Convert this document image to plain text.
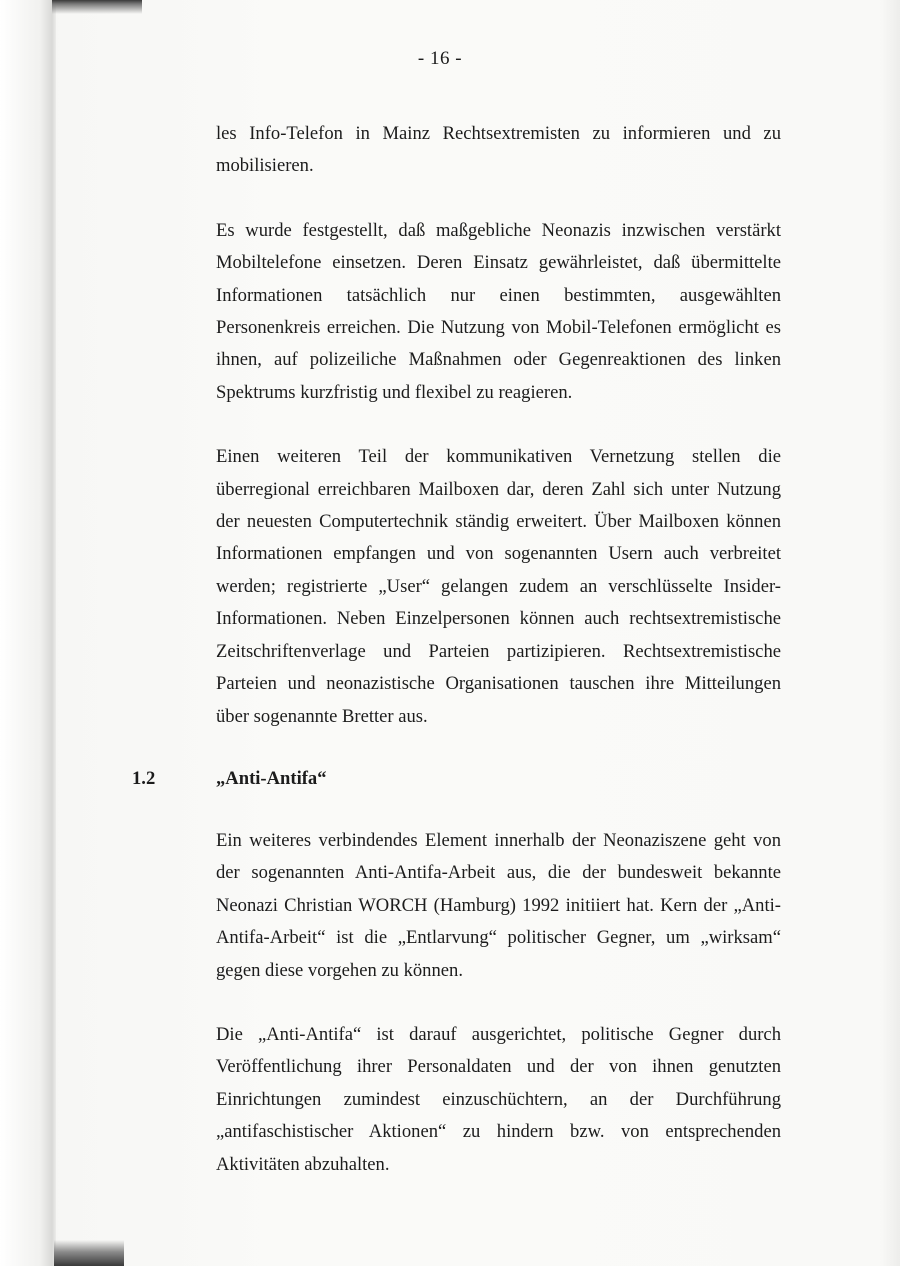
- 16 -

les Info-Telefon in Mainz Rechtsextremisten zu informieren und zu mobilisieren.

Es wurde festgestellt, daß maßgebliche Neonazis inzwischen verstärkt Mobiltelefone einsetzen. Deren Einsatz gewährleistet, daß übermittelte Informationen tatsächlich nur einen bestimmten, ausgewählten Personenkreis erreichen. Die Nutzung von Mobil-Telefonen ermöglicht es ihnen, auf polizeiliche Maßnahmen oder Gegenreaktionen des linken Spektrums kurzfristig und flexibel zu reagieren.

Einen weiteren Teil der kommunikativen Vernetzung stellen die überregional erreichbaren Mailboxen dar, deren Zahl sich unter Nutzung der neuesten Computertechnik ständig erweitert. Über Mailboxen können Informationen empfangen und von sogenannten Usern auch verbreitet werden; registrierte „User“ gelangen zudem an verschlüsselte Insider-Informationen. Neben Einzelpersonen können auch rechtsextremistische Zeitschriftenverlage und Parteien partizipieren. Rechtsextremistische Parteien und neonazistische Organisationen tauschen ihre Mitteilungen über sogenannte Bretter aus.

1.2	„Anti-Antifa“

Ein weiteres verbindendes Element innerhalb der Neonaziszene geht von der sogenannten Anti-Antifa-Arbeit aus, die der bundesweit bekannte Neonazi Christian WORCH (Hamburg) 1992 initiiert hat. Kern der „Anti-Antifa-Arbeit“ ist die „Entlarvung“ politischer Gegner, um „wirksam“ gegen diese vorgehen zu können.

Die „Anti-Antifa“ ist darauf ausgerichtet, politische Gegner durch Veröffentlichung ihrer Personaldaten und der von ihnen genutzten Einrichtungen zumindest einzuschüchtern, an der Durchführung „antifaschistischer Aktionen“ zu hindern bzw. von entsprechenden Aktivitäten abzuhalten.
